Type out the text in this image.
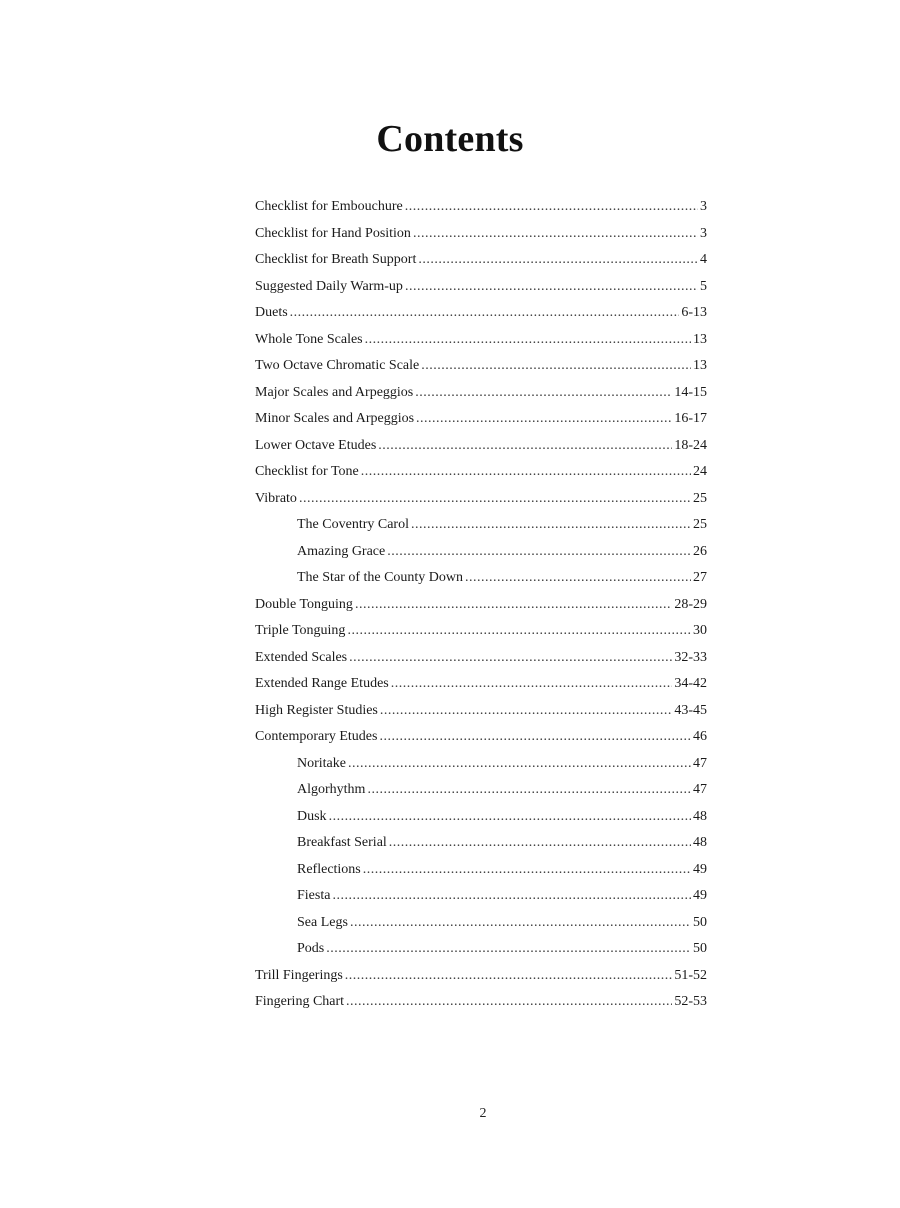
Contents
Checklist for Embouchure .....	3
Checklist for Hand Position .....	3
Checklist for Breath Support .....	4
Suggested Daily Warm-up .....	5
Duets .....	6-13
Whole Tone Scales .....	13
Two Octave Chromatic Scale .....	13
Major Scales and Arpeggios .....	14-15
Minor Scales and Arpeggios .....	16-17
Lower Octave Etudes .....	18-24
Checklist for Tone .....	24
Vibrato .....	25
The Coventry Carol .....	25
Amazing Grace .....	26
The Star of the County Down .....	27
Double Tonguing .....	28-29
Triple Tonguing .....	30
Extended Scales .....	32-33
Extended Range Etudes .....	34-42
High Register Studies .....	43-45
Contemporary Etudes .....	46
Noritake .....	47
Algorhythm .....	47
Dusk .....	48
Breakfast Serial .....	48
Reflections .....	49
Fiesta .....	49
Sea Legs .....	50
Pods .....	50
Trill Fingerings .....	51-52
Fingering Chart .....	52-53
2
